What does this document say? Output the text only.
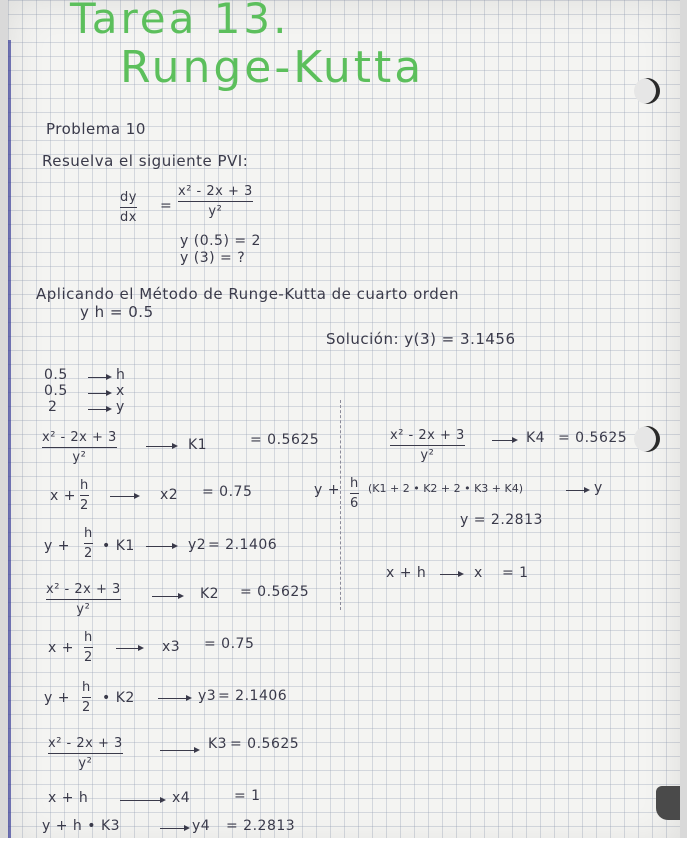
Tarea 13.
Runge-Kutta
Problema 10
Resuelva el siguiente PVI:
dy
dx
=
x² - 2x + 3
y²
y (0.5) = 2
y (3) = ?
Aplicando el Método de Runge-Kutta de cuarto orden
y h = 0.5
Solución: y(3) = 3.1456
0.5	h
0.5	x
2	y
x² - 2x + 3
y²
K1	= 0.5625
x +
h
2
x2 = 0.75
y +
h
2 • K1	y2 = 2.1406
x² - 2x + 3
y²
K2 = 0.5625
x +
h
2
x3 = 0.75
y +
h
2
• K2	y3 = 2.1406
x² - 2x + 3
y²
K3 = 0.5625
x + h	x4	= 1
y + h • K3	y4 = 2.2813
x² - 2x + 3
y²
K4 = 0.5625
y + h
6
(K1 + 2 • K2 + 2 • K3 + K4)	y
y = 2.2813
x + h	x = 1
